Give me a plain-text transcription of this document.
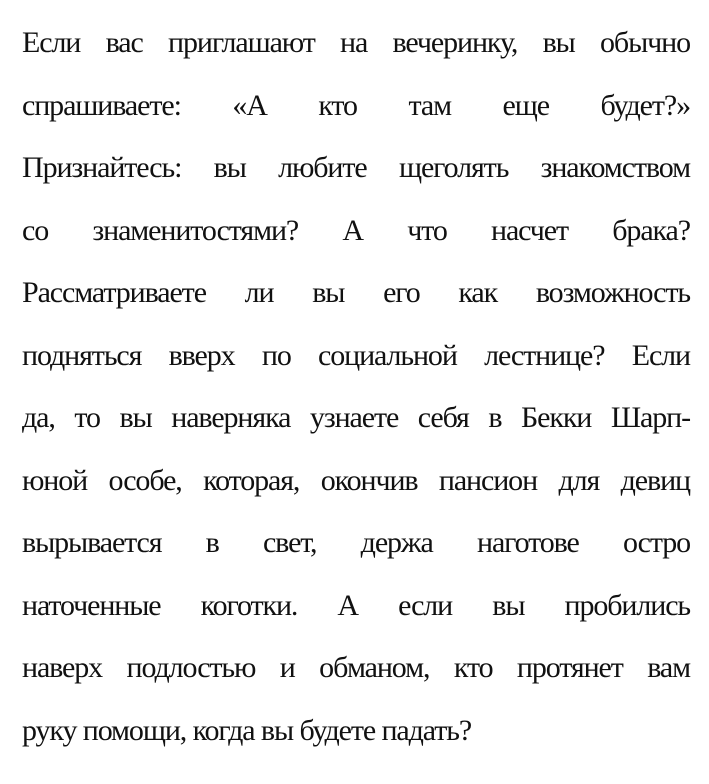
Если вас приглашают на вечеринку, вы обычно
спрашиваете: «А кто там еще будет?»
Признайтесь: вы любите щеголять знакомством
со знаменитостями? А что насчет брака?
Рассматриваете ли вы его как возможность
подняться вверх по социальной лестнице? Если
да, то вы наверняка узнаете себя в Бекки Шарп-
юной особе, которая, окончив пансион для девиц
вырывается в свет, держа наготове остро
наточенные коготки. А если вы пробились
наверх подлостью и обманом, кто протянет вам
руку помощи, когда вы будете падать?
